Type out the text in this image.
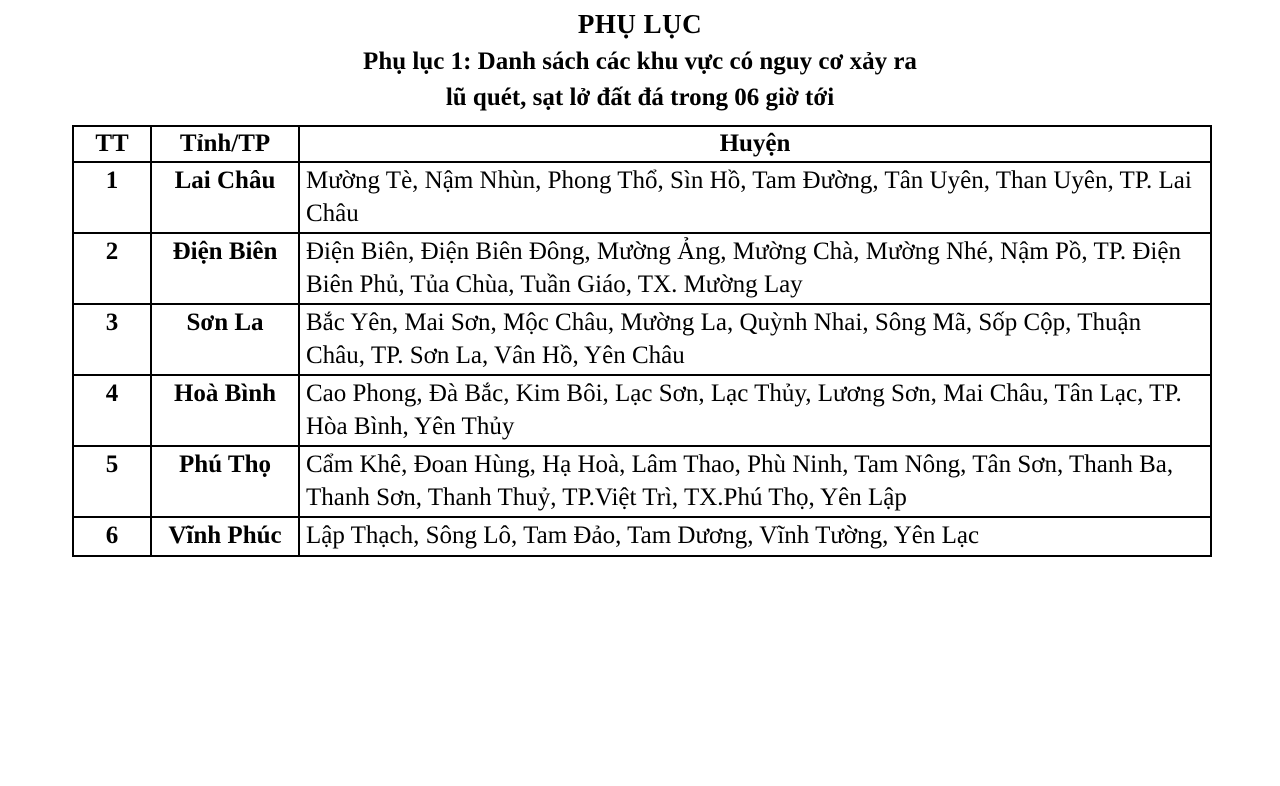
PHỤ LỤC
Phụ lục 1: Danh sách các khu vực có nguy cơ xảy ra
lũ quét, sạt lở đất đá trong 06 giờ tới
TT	Tỉnh/TP	Huyện
1	Lai Châu	Mường Tè, Nậm Nhùn, Phong Thổ, Sìn Hồ, Tam Đường, Tân Uyên, Than Uyên, TP. Lai Châu
2	Điện Biên	Điện Biên, Điện Biên Đông, Mường Ảng, Mường Chà, Mường Nhé, Nậm Pồ, TP. Điện Biên Phủ, Tủa Chùa, Tuần Giáo, TX. Mường Lay
3	Sơn La	Bắc Yên, Mai Sơn, Mộc Châu, Mường La, Quỳnh Nhai, Sông Mã, Sốp Cộp, Thuận Châu, TP. Sơn La, Vân Hồ, Yên Châu
4	Hoà Bình	Cao Phong, Đà Bắc, Kim Bôi, Lạc Sơn, Lạc Thủy, Lương Sơn, Mai Châu, Tân Lạc, TP. Hòa Bình, Yên Thủy
5	Phú Thọ	Cẩm Khê, Đoan Hùng, Hạ Hoà, Lâm Thao, Phù Ninh, Tam Nông, Tân Sơn, Thanh Ba, Thanh Sơn, Thanh Thuỷ, TP.Việt Trì, TX.Phú Thọ, Yên Lập
6	Vĩnh Phúc	Lập Thạch, Sông Lô, Tam Đảo, Tam Dương, Vĩnh Tường, Yên Lạc
